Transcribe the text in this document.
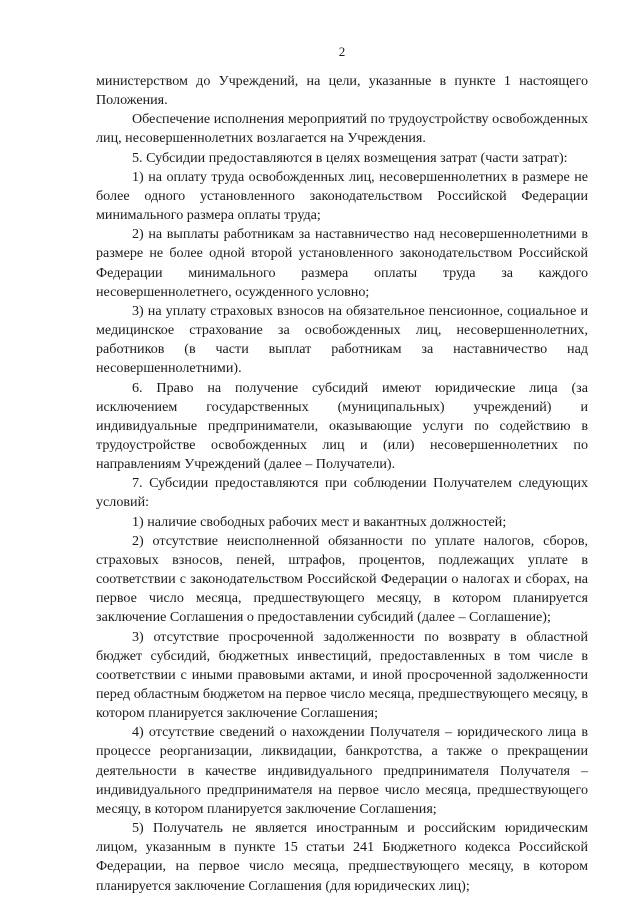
2

министерством до Учреждений, на цели, указанные в пункте 1 настоящего Положения.

Обеспечение исполнения мероприятий по трудоустройству освобожденных лиц, несовершеннолетних возлагается на Учреждения.

5. Субсидии предоставляются в целях возмещения затрат (части затрат):

1) на оплату труда освобожденных лиц, несовершеннолетних в размере не более одного установленного законодательством Российской Федерации минимального размера оплаты труда;

2) на выплаты работникам за наставничество над несовершеннолетними в размере не более одной второй установленного законодательством Российской Федерации минимального размера оплаты труда за каждого несовершеннолетнего, осужденного условно;

3) на уплату страховых взносов на обязательное пенсионное, социальное и медицинское страхование за освобожденных лиц, несовершеннолетних, работников (в части выплат работникам за наставничество над несовершеннолетними).

6. Право на получение субсидий имеют юридические лица (за исключением государственных (муниципальных) учреждений) и индивидуальные предприниматели, оказывающие услуги по содействию в трудоустройстве освобожденных лиц и (или) несовершеннолетних по направлениям Учреждений (далее – Получатели).

7. Субсидии предоставляются при соблюдении Получателем следующих условий:

1) наличие свободных рабочих мест и вакантных должностей;

2) отсутствие неисполненной обязанности по уплате налогов, сборов, страховых взносов, пеней, штрафов, процентов, подлежащих уплате в соответствии с законодательством Российской Федерации о налогах и сборах, на первое число месяца, предшествующего месяцу, в котором планируется заключение Соглашения о предоставлении субсидий (далее – Соглашение);

3) отсутствие просроченной задолженности по возврату в областной бюджет субсидий, бюджетных инвестиций, предоставленных в том числе в соответствии с иными правовыми актами, и иной просроченной задолженности перед областным бюджетом на первое число месяца, предшествующего месяцу, в котором планируется заключение Соглашения;

4) отсутствие сведений о нахождении Получателя – юридического лица в процессе реорганизации, ликвидации, банкротства, а также о прекращении деятельности в качестве индивидуального предпринимателя Получателя – индивидуального предпринимателя на первое число месяца, предшествующего месяцу, в котором планируется заключение Соглашения;

5) Получатель не является иностранным и российским юридическим лицом, указанным в пункте 15 статьи 241 Бюджетного кодекса Российской Федерации, на первое число месяца, предшествующего месяцу, в котором планируется заключение Соглашения (для юридических лиц);
